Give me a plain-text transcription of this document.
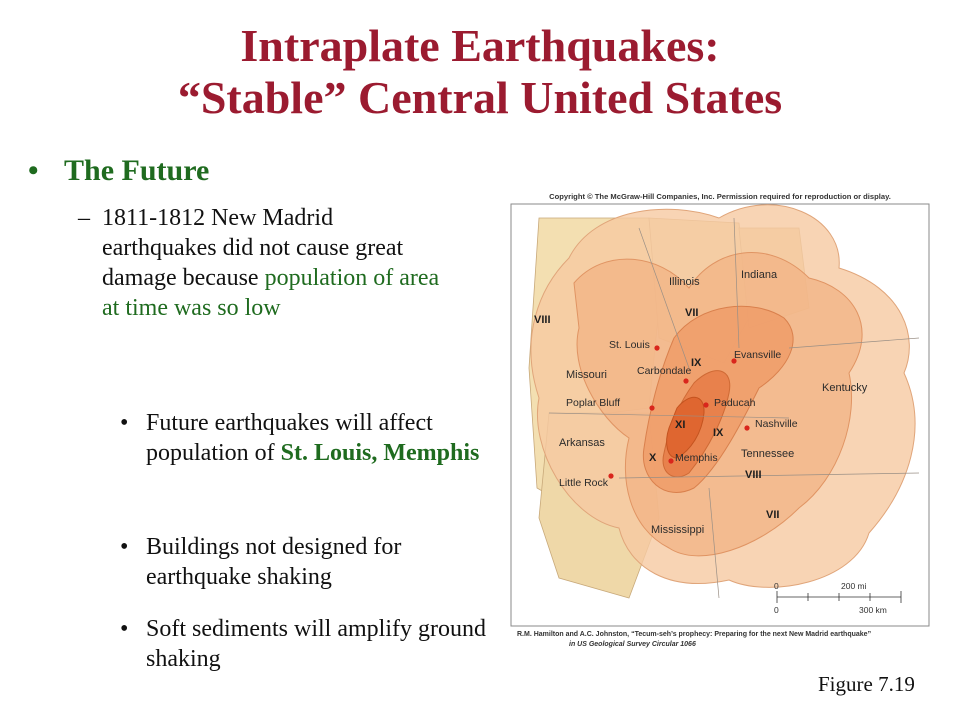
Intraplate Earthquakes:
“Stable” Central United States
• The Future
– 1811-1812 New Madrid earthquakes did not cause great damage because population of area at time was so low
• Future earthquakes will affect population of St. Louis, Memphis
• Buildings not designed for earthquake shaking
• Soft sediments will amplify ground shaking
Copyright © The McGraw-Hill Companies, Inc. Permission required for reproduction or display.
Illinois
Indiana
Missouri
Kentucky
Arkansas
Tennessee
Mississippi
St. Louis
Carbondale
Evansville
Poplar Bluff	Paducah
Nashville
Memphis
Little Rock
VIII
VII
IX
XI
IX
X
VIII
VII
0	200 mi
0	300 km
R.M. Hamilton and A.C. Johnston, “Tecum-seh’s prophecy: Preparing for the next New Madrid earthquake”
in US Geological Survey Circular 1066
Figure 7.19
